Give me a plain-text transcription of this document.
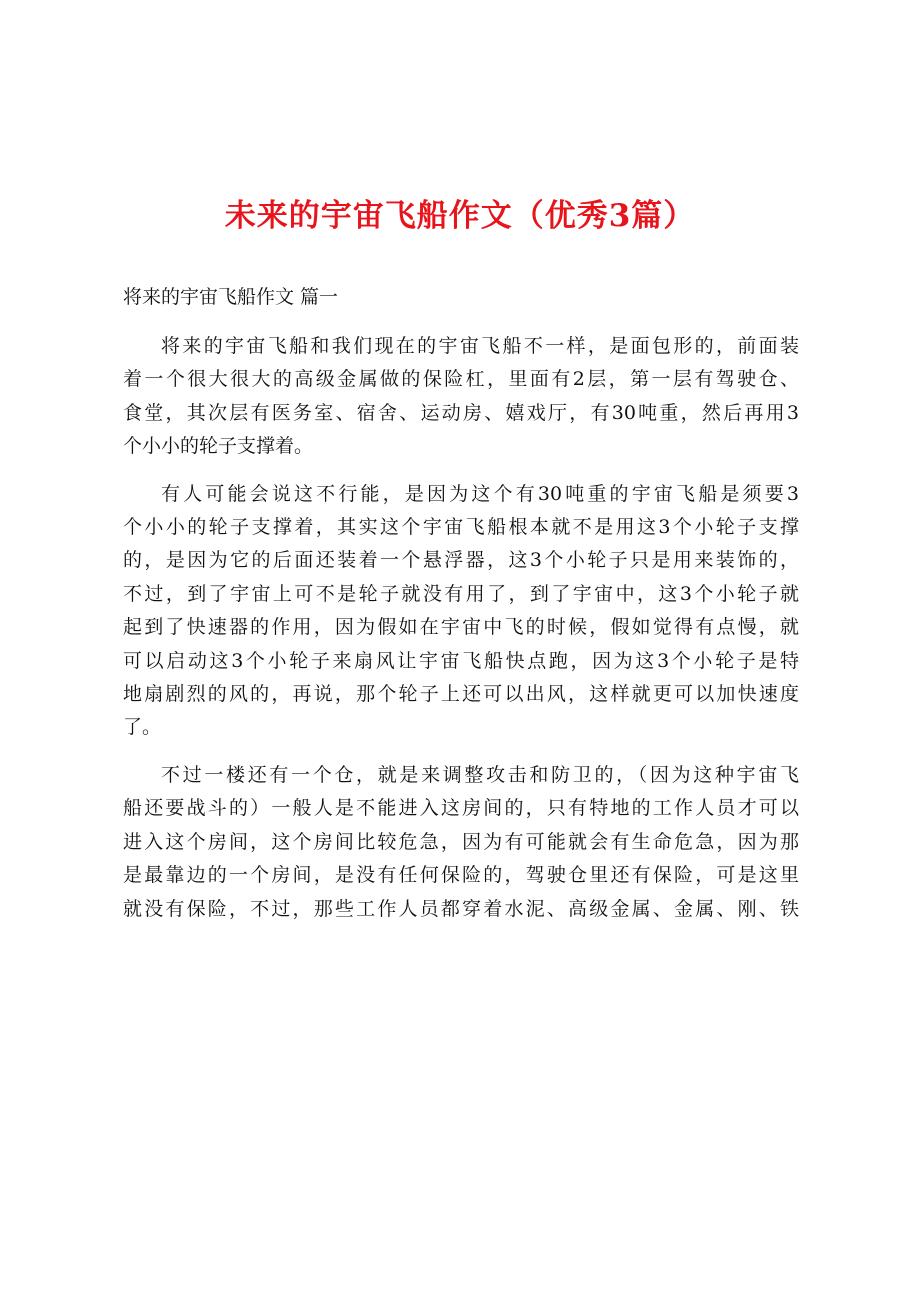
未来的宇宙飞船作文（优秀3篇）
将来的宇宙飞船作文 篇一
将来的宇宙飞船和我们现在的宇宙飞船不一样，是面包形的，前面装
着一个很大很大的高级金属做的保险杠，里面有2层，第一层有驾驶仓、
食堂，其次层有医务室、宿舍、运动房、嬉戏厅，有30吨重，然后再用3
个小小的轮子支撑着。
有人可能会说这不行能，是因为这个有30吨重的宇宙飞船是须要3
个小小的轮子支撑着，其实这个宇宙飞船根本就不是用这3个小轮子支撑
的，是因为它的后面还装着一个悬浮器，这3个小轮子只是用来装饰的，
不过，到了宇宙上可不是轮子就没有用了，到了宇宙中，这3个小轮子就
起到了快速器的作用，因为假如在宇宙中飞的时候，假如觉得有点慢，就
可以启动这3个小轮子来扇风让宇宙飞船快点跑，因为这3个小轮子是特
地扇剧烈的风的，再说，那个轮子上还可以出风，这样就更可以加快速度
了。
不过一楼还有一个仓，就是来调整攻击和防卫的，（因为这种宇宙飞
船还要战斗的）一般人是不能进入这房间的，只有特地的工作人员才可以
进入这个房间，这个房间比较危急，因为有可能就会有生命危急，因为那
是最靠边的一个房间，是没有任何保险的，驾驶仓里还有保险，可是这里
就没有保险，不过，那些工作人员都穿着水泥、高级金属、金属、刚、铁
